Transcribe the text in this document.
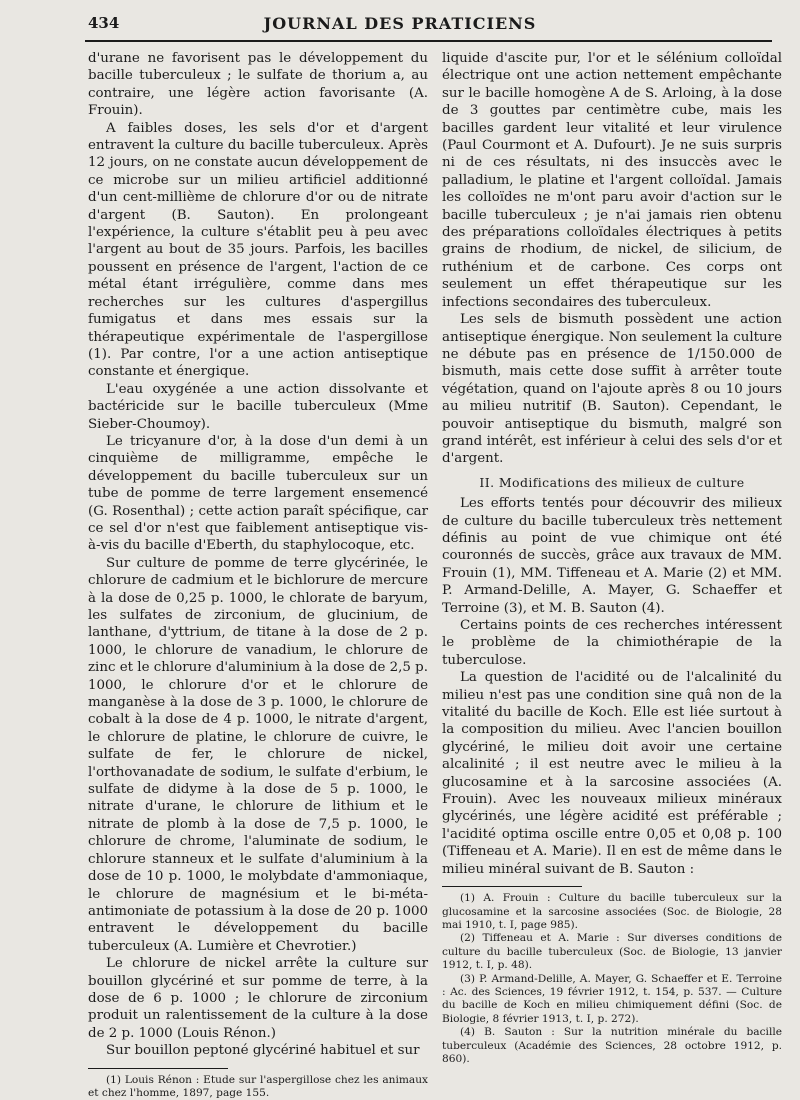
434	JOURNAL DES PRATICIENS

d'urane ne favorisent pas le développement du bacille tuberculeux ; le sulfate de thorium a, au contraire, une légère action favorisante (A. Frouin).

A faibles doses, les sels d'or et d'argent entravent la culture du bacille tuberculeux. Après 12 jours, on ne constate aucun développement de ce microbe sur un milieu artificiel additionné d'un cent-millième de chlorure d'or ou de nitrate d'argent (B. Sauton). En prolongeant l'expérience, la culture s'établit peu à peu avec l'argent au bout de 35 jours. Parfois, les bacilles poussent en présence de l'argent, l'action de ce métal étant irrégulière, comme dans mes recherches sur les cultures d'aspergillus fumigatus et dans mes essais sur la thérapeutique expérimentale de l'aspergillose (1). Par contre, l'or a une action antiseptique constante et énergique.

L'eau oxygénée a une action dissolvante et bactéricide sur le bacille tuberculeux (Mme Sieber-Choumoy).

Le tricyanure d'or, à la dose d'un demi à un cinquième de milligramme, empêche le développement du bacille tuberculeux sur un tube de pomme de terre largement ensemencé (G. Rosenthal) ; cette action paraît spécifique, car ce sel d'or n'est que faiblement antiseptique vis-à-vis du bacille d'Eberth, du staphylocoque, etc.

Sur culture de pomme de terre glycérinée, le chlorure de cadmium et le bichlorure de mercure à la dose de 0,25 p. 1000, le chlorate de baryum, les sulfates de zirconium, de glucinium, de lanthane, d'yttrium, de titane à la dose de 2 p. 1000, le chlorure de vanadium, le chlorure de zinc et le chlorure d'aluminium à la dose de 2,5 p. 1000, le chlorure d'or et le chlorure de manganèse à la dose de 3 p. 1000, le chlorure de cobalt à la dose de 4 p. 1000, le nitrate d'argent, le chlorure de platine, le chlorure de cuivre, le sulfate de fer, le chlorure de nickel, l'orthovanadate de sodium, le sulfate d'erbium, le sulfate de didyme à la dose de 5 p. 1000, le nitrate d'urane, le chlorure de lithium et le nitrate de plomb à la dose de 7,5 p. 1000, le chlorure de chrome, l'aluminate de sodium, le chlorure stanneux et le sulfate d'aluminium à la dose de 10 p. 1000, le molybdate d'ammoniaque, le chlorure de magnésium et le bi-méta-antimoniate de potassium à la dose de 20 p. 1000 entravent le développement du bacille tuberculeux (A. Lumière et Chevrotier.)

Le chlorure de nickel arrête la culture sur bouillon glycériné et sur pomme de terre, à la dose de 6 p. 1000 ; le chlorure de zirconium produit un ralentissement de la culture à la dose de 2 p. 1000 (Louis Rénon.)

Sur bouillon peptoné glycériné habituel et sur

(1) Louis Rénon : Etude sur l'aspergillose chez les animaux et chez l'homme, 1897, page 155.

liquide d'ascite pur, l'or et le sélénium colloïdal électrique ont une action nettement empêchante sur le bacille homogène A de S. Arloing, à la dose de 3 gouttes par centimètre cube, mais les bacilles gardent leur vitalité et leur virulence (Paul Courmont et A. Dufourt). Je ne suis surpris ni de ces résultats, ni des insuccès avec le palladium, le platine et l'argent colloïdal. Jamais les colloïdes ne m'ont paru avoir d'action sur le bacille tuberculeux ; je n'ai jamais rien obtenu des préparations colloïdales électriques à petits grains de rhodium, de nickel, de silicium, de ruthénium et de carbone. Ces corps ont seulement un effet thérapeutique sur les infections secondaires des tuberculeux.

Les sels de bismuth possèdent une action antiseptique énergique. Non seulement la culture ne débute pas en présence de 1/150.000 de bismuth, mais cette dose suffit à arrêter toute végétation, quand on l'ajoute après 8 ou 10 jours au milieu nutritif (B. Sauton). Cependant, le pouvoir antiseptique du bismuth, malgré son grand intérêt, est inférieur à celui des sels d'or et d'argent.

II. Modifications des milieux de culture

Les efforts tentés pour découvrir des milieux de culture du bacille tuberculeux très nettement définis au point de vue chimique ont été couronnés de succès, grâce aux travaux de MM. Frouin (1), MM. Tiffeneau et A. Marie (2) et MM. P. Armand-Delille, A. Mayer, G. Schaeffer et Terroine (3), et M. B. Sauton (4).

Certains points de ces recherches intéressent le problème de la chimiothérapie de la tuberculose.

La question de l'acidité ou de l'alcalinité du milieu n'est pas une condition sine quâ non de la vitalité du bacille de Koch. Elle est liée surtout à la composition du milieu. Avec l'ancien bouillon glycériné, le milieu doit avoir une certaine alcalinité ; il est neutre avec le milieu à la glucosamine et à la sarcosine associées (A. Frouin). Avec les nouveaux milieux minéraux glycérinés, une légère acidité est préférable ; l'acidité optima oscille entre 0,05 et 0,08 p. 100 (Tiffeneau et A. Marie). Il en est de même dans le milieu minéral suivant de B. Sauton :

(1) A. Frouin : Culture du bacille tuberculeux sur la glucosamine et la sarcosine associées (Soc. de Biologie, 28 mai 1910, t. I, page 985).

(2) Tiffeneau et A. Marie : Sur diverses conditions de culture du bacille tuberculeux (Soc. de Biologie, 13 janvier 1912, t. I, p. 48).

(3) P. Armand-Delille, A. Mayer, G. Schaeffer et E. Terroine : Ac. des Sciences, 19 février 1912, t. 154, p. 537. — Culture du bacille de Koch en milieu chimiquement défini (Soc. de Biologie, 8 février 1913, t. I, p. 272).

(4) B. Sauton : Sur la nutrition minérale du bacille tuberculeux (Académie des Sciences, 28 octobre 1912, p. 860).
